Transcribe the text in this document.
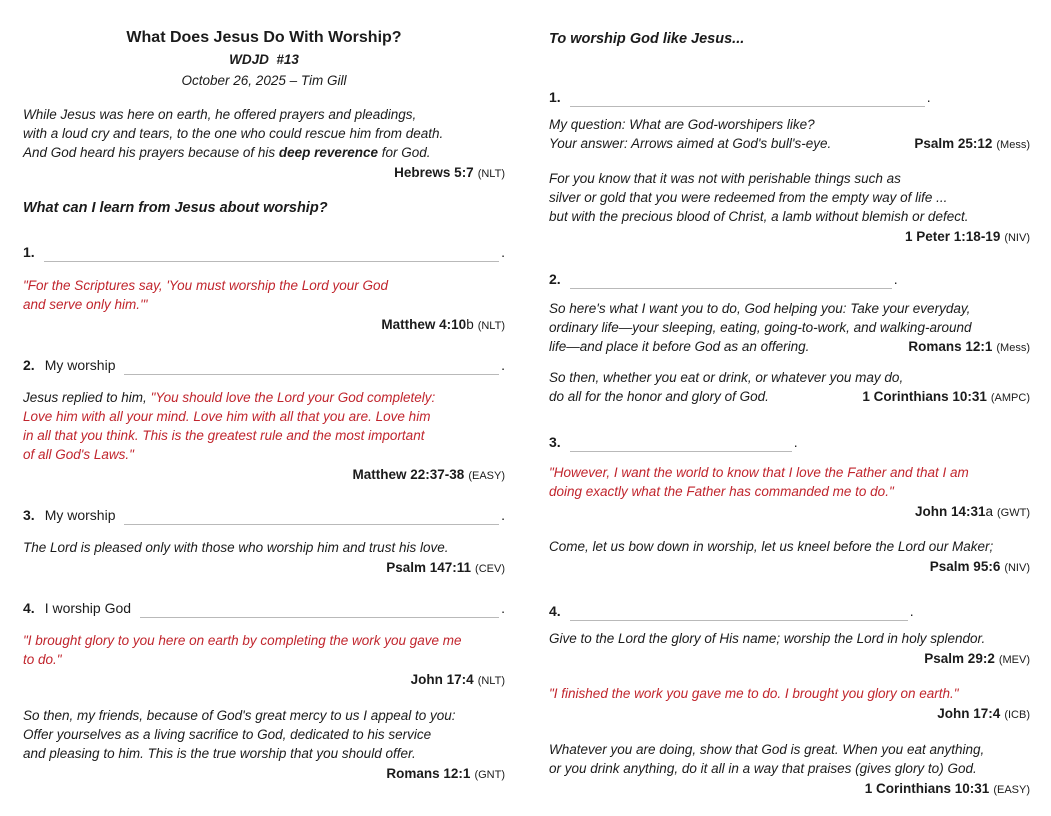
What Does Jesus Do With Worship?
WDJD  #13
October 26, 2025 – Tim Gill
While Jesus was here on earth, he offered prayers and pleadings,
with a loud cry and tears, to the one who could rescue him from death.
And God heard his prayers because of his deep reverence for God.
Hebrews 5:7 (NLT)
What can I learn from Jesus about worship?
1.	.
"For the Scriptures say, 'You must worship the Lord your God
and serve only him.'"
Matthew 4:10b (NLT)
2. My worship	.
Jesus replied to him, "You should love the Lord your God completely:
Love him with all your mind. Love him with all that you are. Love him
in all that you think. This is the greatest rule and the most important
of all God's Laws."
Matthew 22:37-38 (EASY)
3. My worship	.
The Lord is pleased only with those who worship him and trust his love.
Psalm 147:11 (CEV)
4. I worship God	.
"I brought glory to you here on earth by completing the work you gave me
to do."
John 17:4 (NLT)
So then, my friends, because of God's great mercy to us I appeal to you:
Offer yourselves as a living sacrifice to God, dedicated to his service
and pleasing to him. This is the true worship that you should offer.
Romans 12:1 (GNT)
To worship God like Jesus...
1.	.
My question: What are God-worshipers like?
Your answer: Arrows aimed at God's bull's-eye.	Psalm 25:12 (Mess)
For you know that it was not with perishable things such as
silver or gold that you were redeemed from the empty way of life ...
but with the precious blood of Christ, a lamb without blemish or defect.
1 Peter 1:18-19 (NIV)
2.	.
So here's what I want you to do, God helping you: Take your everyday,
ordinary life—your sleeping, eating, going-to-work, and walking-around
life—and place it before God as an offering.	Romans 12:1 (Mess)
So then, whether you eat or drink, or whatever you may do,
do all for the honor and glory of God.	1 Corinthians 10:31 (AMPC)
3.	.
"However, I want the world to know that I love the Father and that I am
doing exactly what the Father has commanded me to do."
John 14:31a (GWT)
Come, let us bow down in worship, let us kneel before the Lord our Maker;
Psalm 95:6 (NIV)
4.	.
Give to the Lord the glory of His name; worship the Lord in holy splendor.
Psalm 29:2 (MEV)
"I finished the work you gave me to do. I brought you glory on earth."
John 17:4 (ICB)
Whatever you are doing, show that God is great. When you eat anything,
or you drink anything, do it all in a way that praises (gives glory to) God.
1 Corinthians 10:31 (EASY)
